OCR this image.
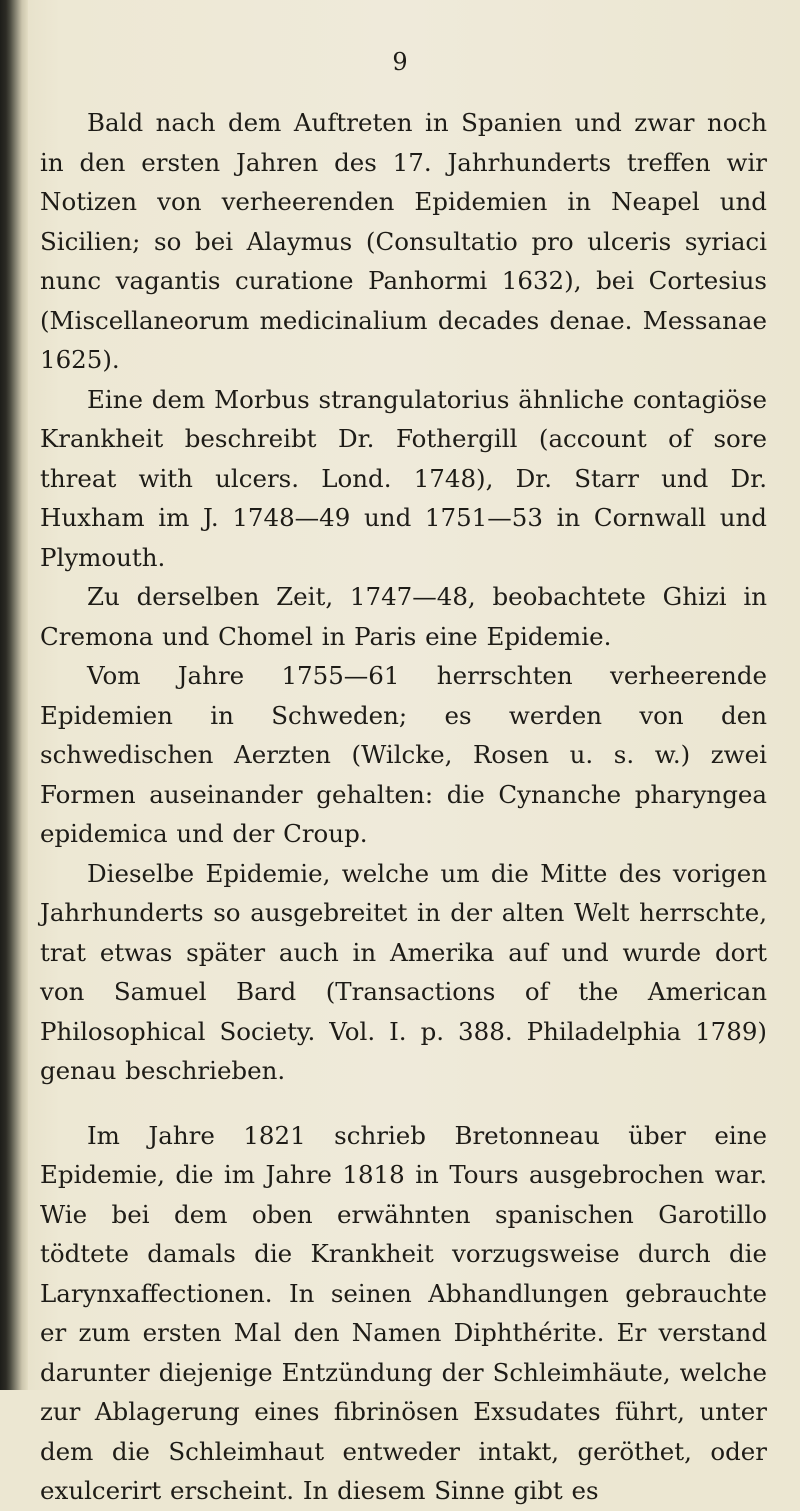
9

Bald nach dem Auftreten in Spanien und zwar noch in den ersten Jahren des 17. Jahrhunderts treffen wir Notizen von verheerenden Epidemien in Neapel und Sicilien; so bei Alaymus (Consultatio pro ulceris syriaci nunc vagantis curatione Panhormi 1632), bei Cortesius (Miscellaneorum medicinalium decades denae. Messanae 1625).

Eine dem Morbus strangulatorius ähnliche contagiöse Krankheit beschreibt Dr. Fothergill (account of sore threat with ulcers. Lond. 1748), Dr. Starr und Dr. Huxham im J. 1748—49 und 1751—53 in Cornwall und Plymouth.

Zu derselben Zeit, 1747—48, beobachtete Ghizi in Cremona und Chomel in Paris eine Epidemie.

Vom Jahre 1755—61 herrschten verheerende Epidemien in Schweden; es werden von den schwedischen Aerzten (Wilcke, Rosen u. s. w.) zwei Formen auseinander gehalten: die Cynanche pharyngea epidemica und der Croup.

Dieselbe Epidemie, welche um die Mitte des vorigen Jahrhunderts so ausgebreitet in der alten Welt herrschte, trat etwas später auch in Amerika auf und wurde dort von Samuel Bard (Transactions of the American Philosophical Society. Vol. I. p. 388. Philadelphia 1789) genau beschrieben.

Im Jahre 1821 schrieb Bretonneau über eine Epidemie, die im Jahre 1818 in Tours ausgebrochen war. Wie bei dem oben erwähnten spanischen Garotillo tödtete damals die Krankheit vorzugsweise durch die Larynxaffectionen. In seinen Abhandlungen gebrauchte er zum ersten Mal den Namen Diphthérite. Er verstand darunter diejenige Entzündung der Schleimhäute, welche zur Ablagerung eines fibrinösen Exsudates führt, unter dem die Schleimhaut entweder intakt, geröthet, oder exulcerirt erscheint. In diesem Sinne gibt es
